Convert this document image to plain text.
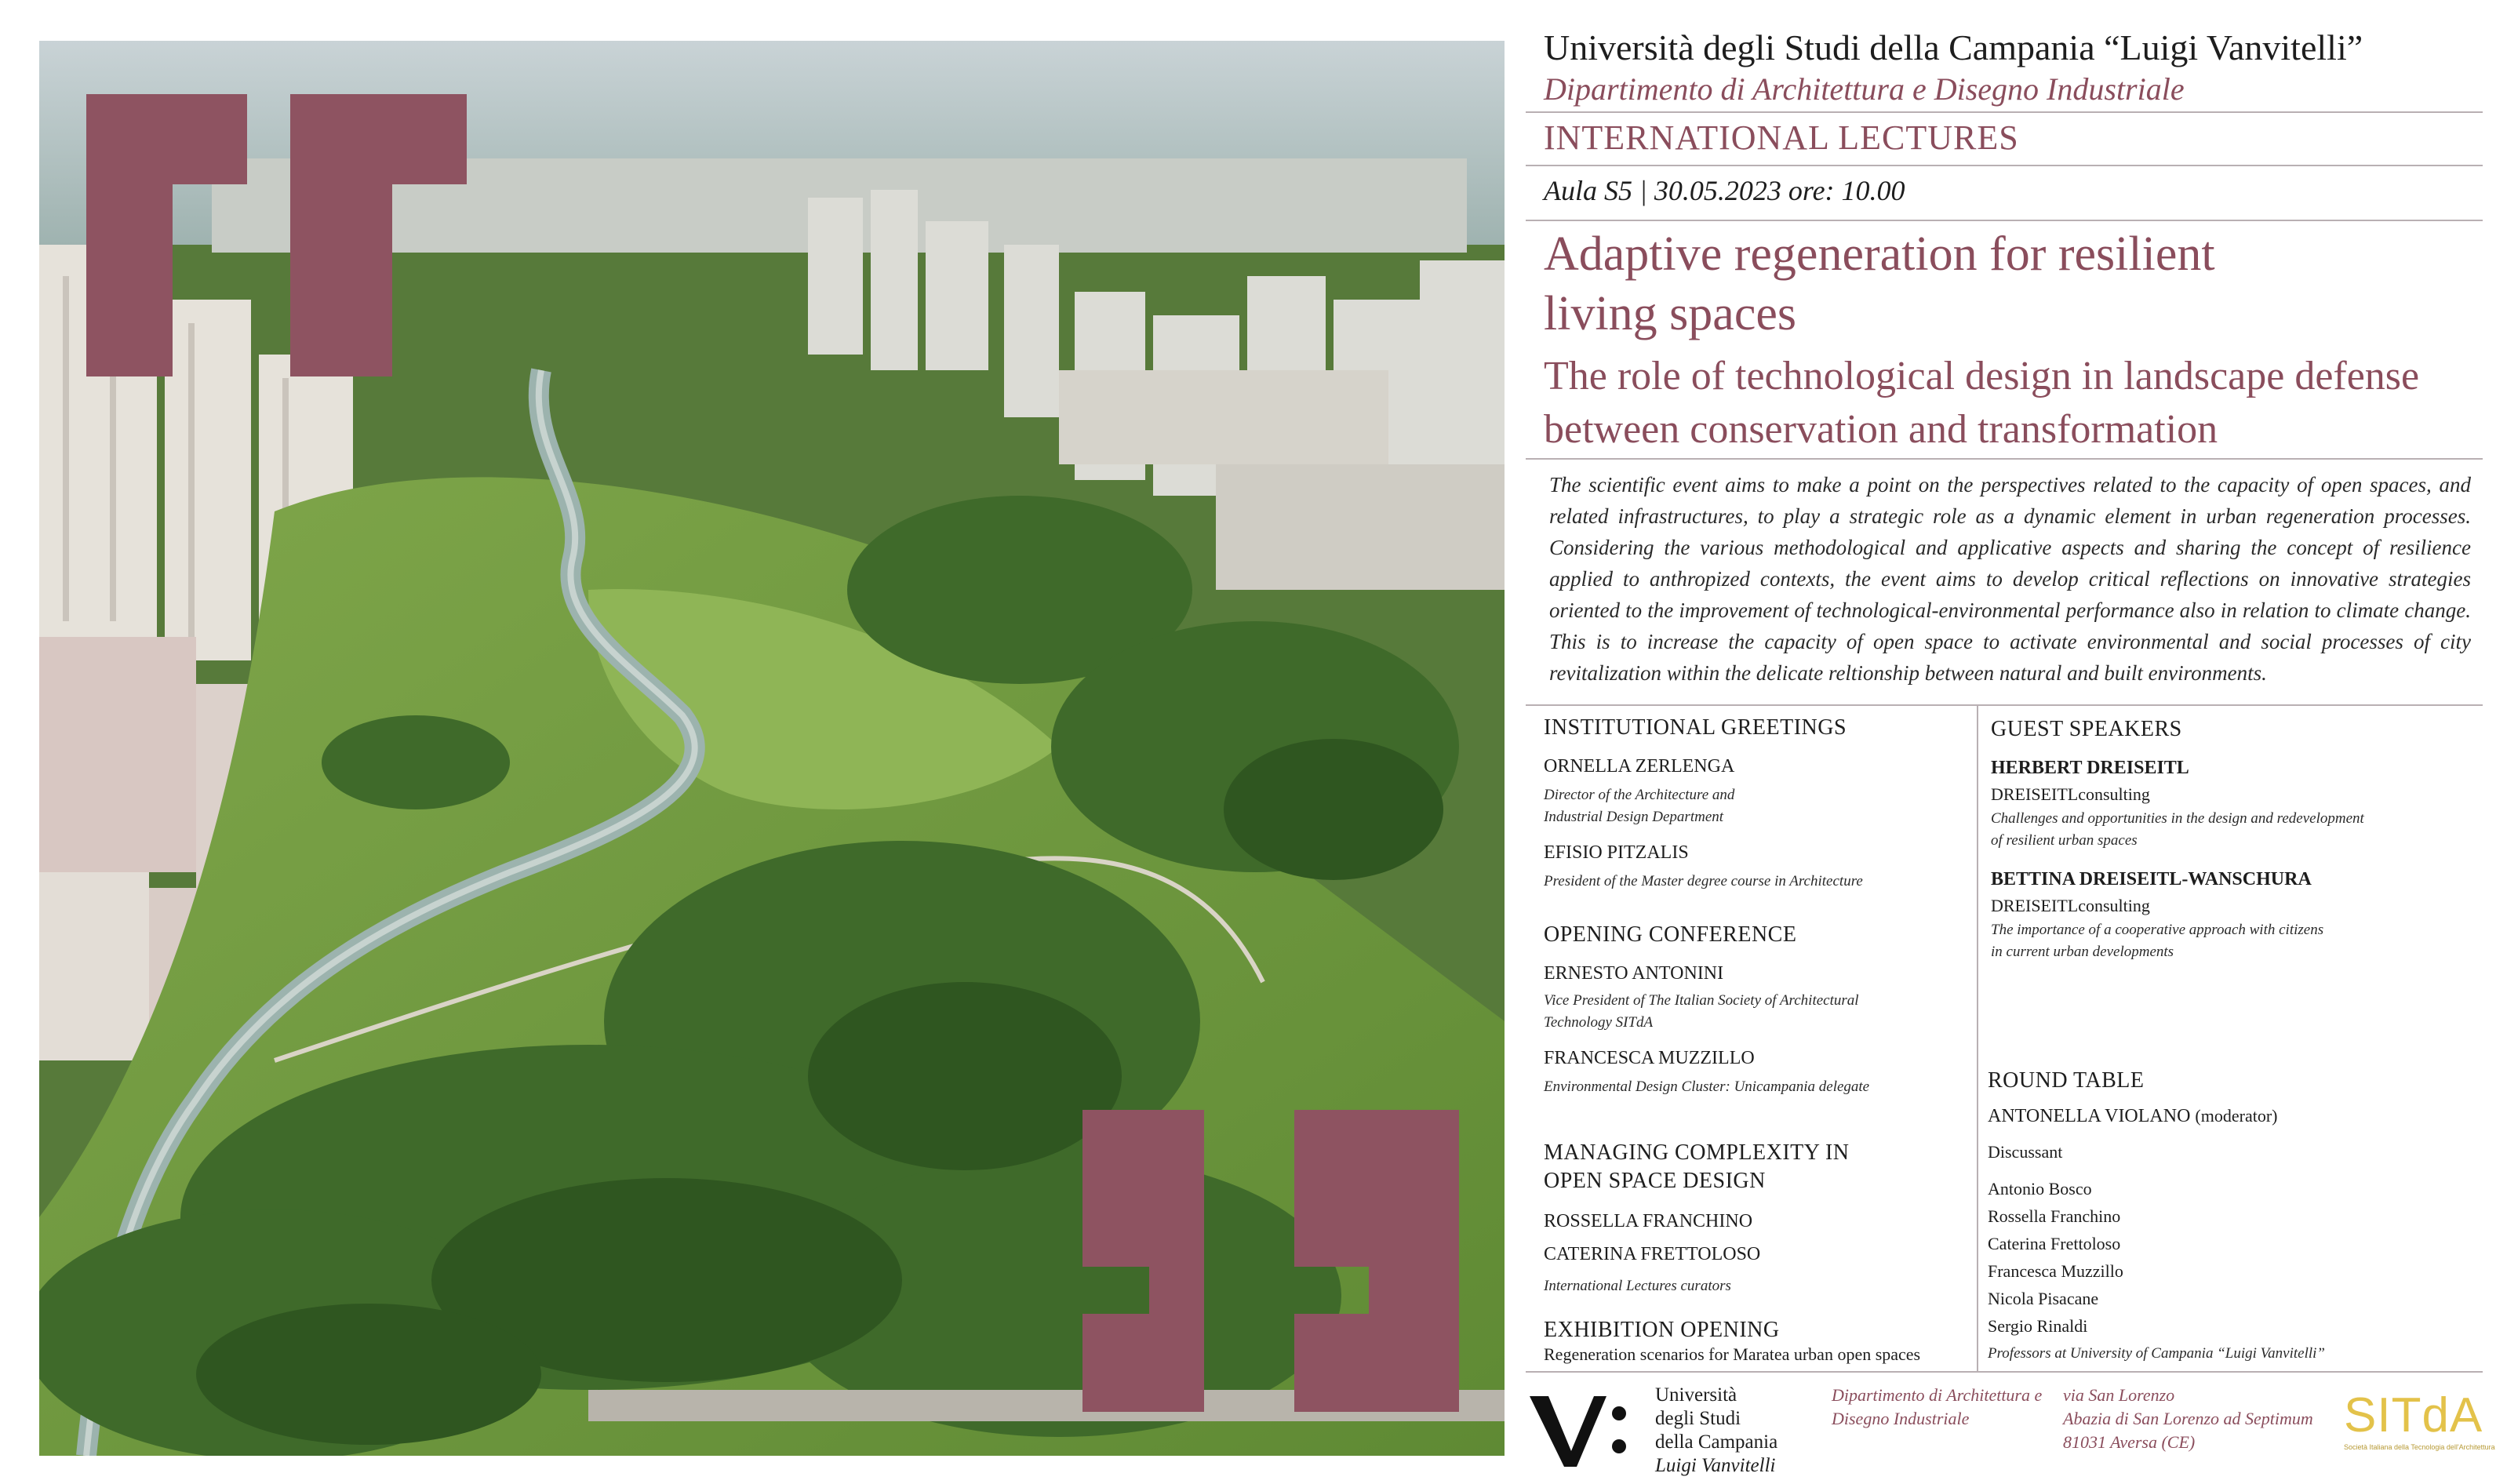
Università degli Studi della Campania “Luigi Vanvitelli”
Dipartimento di Architettura e Disegno Industriale
INTERNATIONAL LECTURES
Aula S5 | 30.05.2023 ore: 10.00
Adaptive regeneration for resilient
living spaces
The role of technological design in landscape defense
between conservation and transformation
The scientific event aims to make a point on the perspectives related to the capacity of open spaces, and related infrastructures, to play a strategic role as a dynamic element in urban regeneration processes. Considering the various methodological and applicative aspects and sharing the concept of resilience applied to anthropized contexts, the event aims to develop critical reflections on innovative strategies oriented to the improvement of technological-environmental performance also in relation to climate change. This is to increase the capacity of open space to activate environmental and social processes of city revitalization within the delicate reltionship between natural and built environments.
INSTITUTIONAL GREETINGS
ORNELLA ZERLENGA
Director of the Architecture and
Industrial Design Department
EFISIO PITZALIS
President of the Master degree course in Architecture
OPENING CONFERENCE
ERNESTO ANTONINI
Vice President of The Italian Society of Architectural
Technology SITdA
FRANCESCA MUZZILLO
Environmental Design Cluster: Unicampania delegate
MANAGING COMPLEXITY IN
OPEN SPACE DESIGN
ROSSELLA FRANCHINO
CATERINA FRETTOLOSO
International Lectures curators
EXHIBITION OPENING
Regeneration scenarios for Maratea urban open spaces
GUEST SPEAKERS
HERBERT DREISEITL
DREISEITLconsulting
Challenges and opportunities in the design and redevelopment
of resilient urban spaces
BETTINA DREISEITL-WANSCHURA
DREISEITLconsulting
The importance of a cooperative approach with citizens
in current urban developments
ROUND TABLE
ANTONELLA VIOLANO (moderator)
Discussant
Antonio Bosco
Rossella Franchino
Caterina Frettoloso
Francesca Muzzillo
Nicola Pisacane
Sergio Rinaldi
Professors at University of Campania “Luigi Vanvitelli”
Università
degli Studi
della Campania
Luigi Vanvitelli
Dipartimento di Architettura e
Disegno Industriale
via San Lorenzo
Abazia di San Lorenzo ad Septimum
81031 Aversa (CE)	SITdA
Società Italiana della Tecnologia dell'Architettura
